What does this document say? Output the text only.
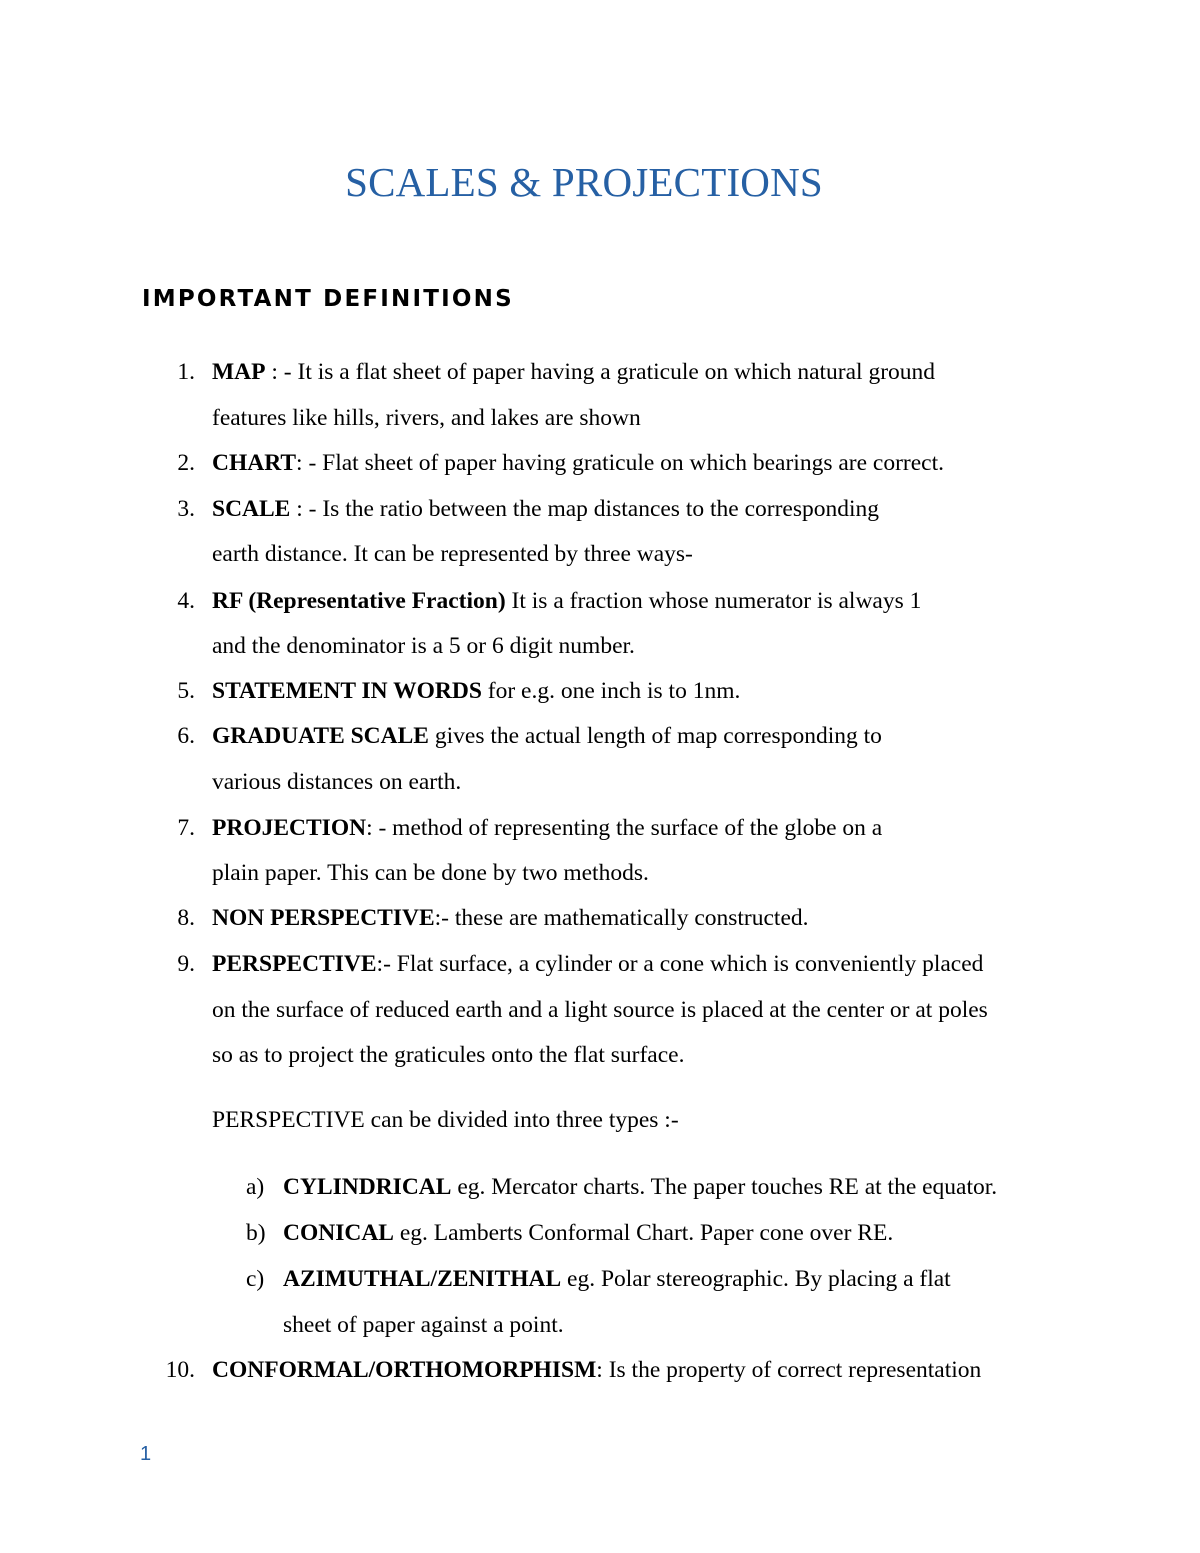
SCALES & PROJECTIONS
IMPORTANT DEFINITIONS
1. MAP : - It is a flat sheet of paper having a graticule on which natural ground
features like hills, rivers, and lakes are shown
2. CHART: - Flat sheet of paper having graticule on which bearings are correct.
3. SCALE : - Is the ratio between the map distances to the corresponding
earth distance. It can be represented by three ways-
4. RF (Representative Fraction) It is a fraction whose numerator is always 1
and the denominator is a 5 or 6 digit number.
5. STATEMENT IN WORDS for e.g. one inch is to 1nm.
6. GRADUATE SCALE gives the actual length of map corresponding to
various distances on earth.
7. PROJECTION: - method of representing the surface of the globe on a
plain paper. This can be done by two methods.
8. NON PERSPECTIVE:- these are mathematically constructed.
9. PERSPECTIVE:- Flat surface, a cylinder or a cone which is conveniently placed
on the surface of reduced earth and a light source is placed at the center or at poles
so as to project the graticules onto the flat surface.
PERSPECTIVE can be divided into three types :-
a) CYLINDRICAL eg. Mercator charts. The paper touches RE at the equator.
b) CONICAL eg. Lamberts Conformal Chart. Paper cone over RE.
c) AZIMUTHAL/ZENITHAL eg. Polar stereographic. By placing a flat
sheet of paper against a point.
10. CONFORMAL/ORTHOMORPHISM: Is the property of correct representation
1
